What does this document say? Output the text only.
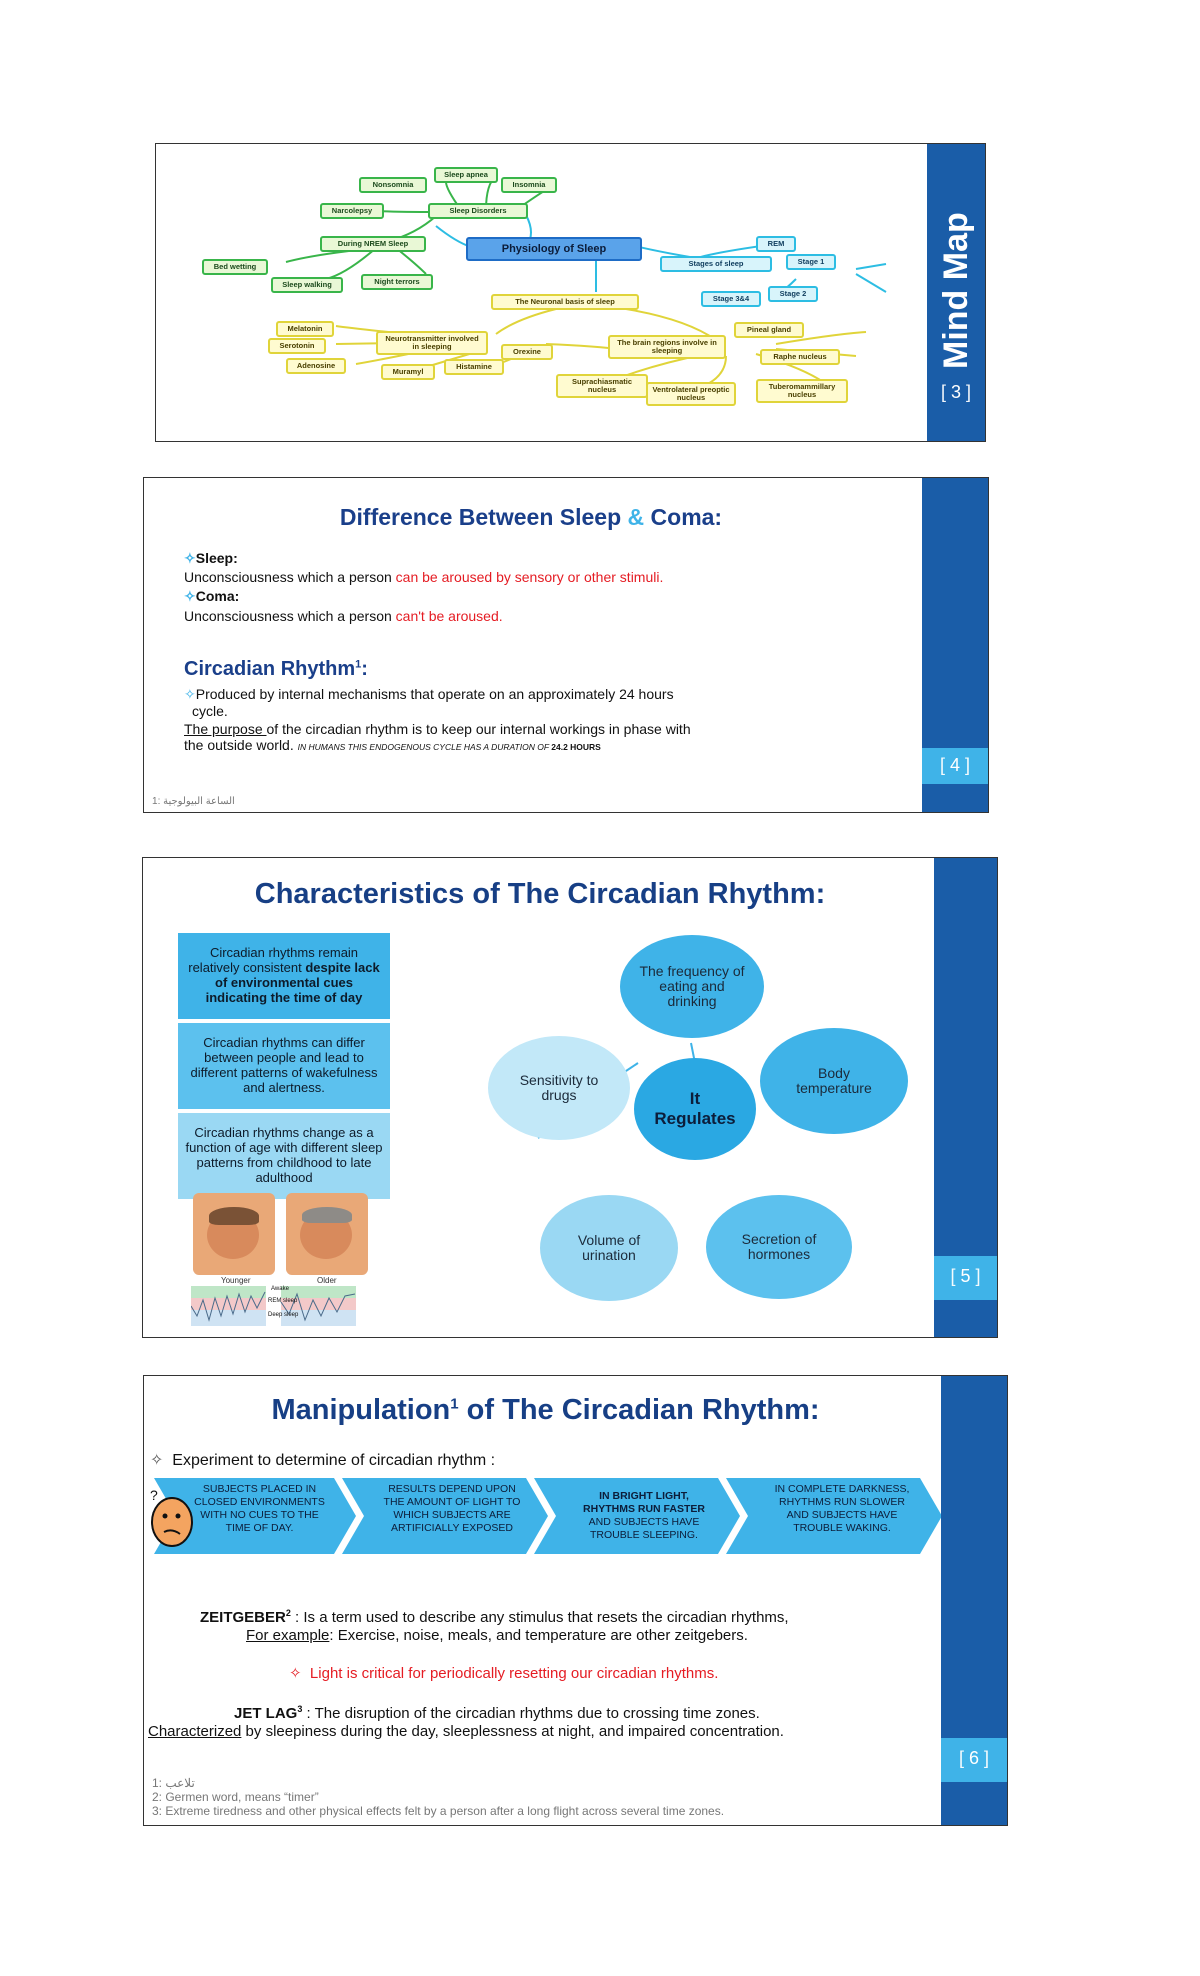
Physiology of Sleep
Sleep Disorders
Sleep apnea
Nonsomnia	Insomnia
Narcolepsy
During NREM Sleep
Bed wetting
Sleep walking	Night terrors
Stages of sleep
REM
Stage 1
Stage 2
Stage 3&4
The Neuronal basis of sleep
Neurotransmitter involved in sleeping
Melatonin
Serotonin
Adenosine
Muramyl
Histamine
Orexine
The brain regions involve in sleeping
Pineal gland
Raphe nucleus
Tuberomammillary nucleus
Ventrolateral preoptic nucleus
Suprachiasmatic nucleus
Mind Map
[ 3 ]
Difference Between Sleep & Coma:
✧Sleep:
Unconsciousness which a person can be aroused by sensory or other stimuli.
✧Coma:
Unconsciousness which a person can't be aroused.
Circadian Rhythm$^1$:
✧Produced by internal mechanisms that operate on an approximately 24 hours
cycle.
The purpose of the circadian rhythm is to keep our internal workings in phase with
the outside world. IN HUMANS THIS ENDOGENOUS CYCLE HAS A DURATION OF 24.2 HOURS
الساعة البيولوجية :1
[ 4 ]
Characteristics of The Circadian Rhythm:
Circadian rhythms remain relatively consistent despite lack of environmental cues indicating the time of day
Circadian rhythms can differ between people and lead to different patterns of wakefulness and alertness.
Circadian rhythms change as a function of age with different sleep patterns from childhood to late adulthood
Younger	Older
Awake
REM sleep
Deep sleep
The frequency of eating and drinking
Body temperature
Secretion of hormones
Volume of urination
Sensitivity to drugs	It Regulates
[ 5 ]
Manipulation$^1$ of The Circadian Rhythm:
✧ Experiment to determine of circadian rhythm :
?	SUBJECTS PLACED IN CLOSED ENVIRONMENTS WITH NO CUES TO THE TIME OF DAY.
RESULTS DEPEND UPON THE AMOUNT OF LIGHT TO WHICH SUBJECTS ARE ARTIFICIALLY EXPOSED
IN BRIGHT LIGHT, RHYTHMS RUN FASTER AND SUBJECTS HAVE TROUBLE SLEEPING.
IN COMPLETE DARKNESS, RHYTHMS RUN SLOWER AND SUBJECTS HAVE TROUBLE WAKING.
ZEITGEBER$^2$ : Is a term used to describe any stimulus that resets the circadian rhythms,
For example: Exercise, noise, meals, and temperature are other zeitgebers.
✧ Light is critical for periodically resetting our circadian rhythms.
JET LAG$^3$ : The disruption of the circadian rhythms due to crossing time zones.
Characterized by sleepiness during the day, sleeplessness at night, and impaired concentration.
1: تلاعب
2: Germen word, means “timer”
3: Extreme tiredness and other physical effects felt by a person after a long flight across several time zones.
[ 6 ]
